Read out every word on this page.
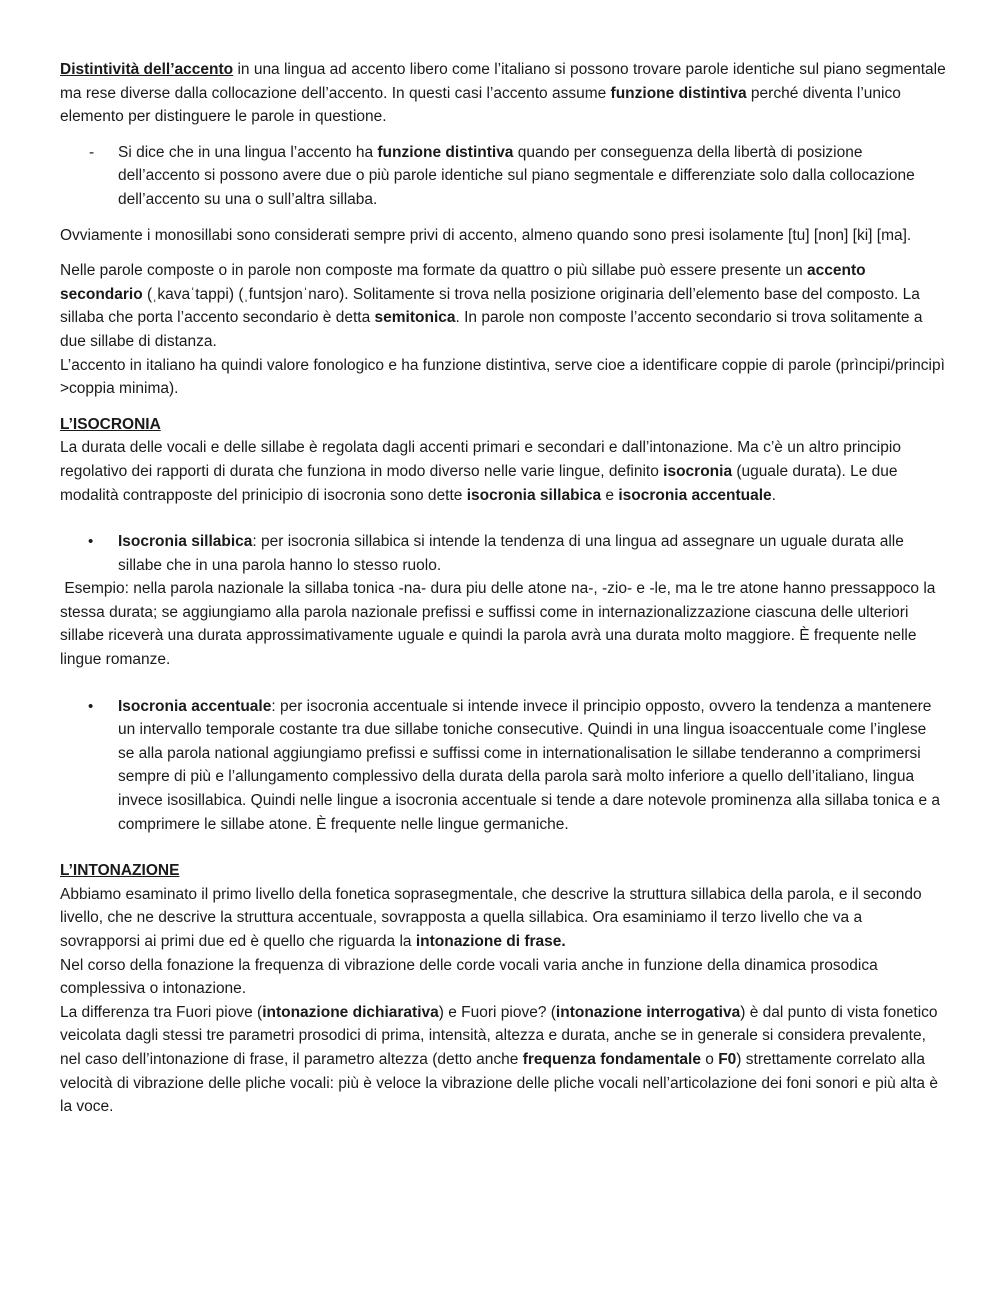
Distintività dell’accento in una lingua ad accento libero come l’italiano si possono trovare parole identiche sul piano segmentale ma rese diverse dalla collocazione dell’accento. In questi casi l’accento assume funzione distintiva perché diventa l’unico elemento per distinguere le parole in questione.

-	Si dice che in una lingua l’accento ha funzione distintiva quando per conseguenza della libertà di posizione dell’accento si possono avere due o più parole identiche sul piano segmentale e differenziate solo dalla collocazione dell’accento su una o sull’altra sillaba.

Ovviamente i monosillabi sono considerati sempre privi di accento, almeno quando sono presi isolamente [tu] [non] [ki] [ma].

Nelle parole composte o in parole non composte ma formate da quattro o più sillabe può essere presente un accento secondario (ˌkavaˈtappi) (ˌfuntsjonˈnaro). Solitamente si trova nella posizione originaria dell’elemento base del composto. La sillaba che porta l’accento secondario è detta semitonica. In parole non composte l’accento secondario si trova solitamente a due sillabe di distanza.

L’accento in italiano ha quindi valore fonologico e ha funzione distintiva, serve cioe a identificare coppie di parole (prìncipi/principì >coppia minima).

L’ISOCRONIA

La durata delle vocali e delle sillabe è regolata dagli accenti primari e secondari e dall’intonazione. Ma c’è un altro principio regolativo dei rapporti di durata che funziona in modo diverso nelle varie lingue, definito isocronia (uguale durata). Le due modalità contrapposte del prinicipio di isocronia sono dette isocronia sillabica e isocronia accentuale.

•	Isocronia sillabica: per isocronia sillabica si intende la tendenza di una lingua ad assegnare un uguale durata alle sillabe che in una parola hanno lo stesso ruolo.

Esempio: nella parola nazionale la sillaba tonica -na- dura piu delle atone na-, -zio- e -le, ma le tre atone hanno pressappoco la stessa durata; se aggiungiamo alla parola nazionale prefissi e suffissi come in internazionalizzazione ciascuna delle ulteriori sillabe riceverà una durata approssimativamente uguale e quindi la parola avrà una durata molto maggiore. È frequente nelle lingue romanze.

•	Isocronia accentuale: per isocronia accentuale si intende invece il principio opposto, ovvero la tendenza a mantenere un intervallo temporale costante tra due sillabe toniche consecutive. Quindi in una lingua isoaccentuale come l’inglese se alla parola national aggiungiamo prefissi e suffissi come in internationalisation le sillabe tenderanno a comprimersi sempre di più e l’allungamento complessivo della durata della parola sarà molto inferiore a quello dell’italiano, lingua invece isosillabica. Quindi nelle lingue a isocronia accentuale si tende a dare notevole prominenza alla sillaba tonica e a comprimere le sillabe atone. È frequente nelle lingue germaniche.

L’INTONAZIONE

Abbiamo esaminato il primo livello della fonetica soprasegmentale, che descrive la struttura sillabica della parola, e il secondo livello, che ne descrive la struttura accentuale, sovrapposta a quella sillabica. Ora esaminiamo il terzo livello che va a sovrapporsi ai primi due ed è quello che riguarda la intonazione di frase.

Nel corso della fonazione la frequenza di vibrazione delle corde vocali varia anche in funzione della dinamica prosodica complessiva o intonazione.

La differenza tra Fuori piove (intonazione dichiarativa) e Fuori piove? (intonazione interrogativa) è dal punto di vista fonetico veicolata dagli stessi tre parametri prosodici di prima, intensità, altezza e durata, anche se in generale si considera prevalente, nel caso dell’intonazione di frase, il parametro altezza (detto anche frequenza fondamentale o F0) strettamente correlato alla velocità di vibrazione delle pliche vocali: più è veloce la vibrazione delle pliche vocali nell’articolazione dei foni sonori e più alta è la voce.
